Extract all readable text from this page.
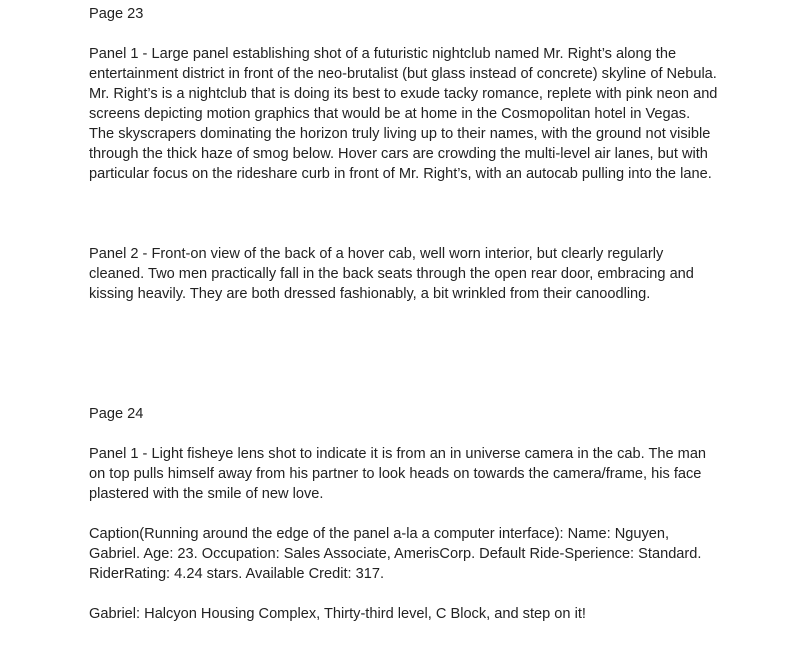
Page 23

Panel 1 - Large panel establishing shot of a futuristic nightclub named Mr. Right’s along the entertainment district in front of the neo-brutalist (but glass instead of concrete) skyline of Nebula. Mr. Right’s is a nightclub that is doing its best to exude tacky romance, replete with pink neon and screens depicting motion graphics that would be at home in the Cosmopolitan hotel in Vegas. The skyscrapers dominating the horizon truly living up to their names, with the ground not visible through the thick haze of smog below. Hover cars are crowding the multi-level air lanes, but with particular focus on the rideshare curb in front of Mr. Right’s, with an autocab pulling into the lane.

Panel 2 - Front-on view of the back of a hover cab, well worn interior, but clearly regularly cleaned. Two men practically fall in the back seats through the open rear door, embracing and kissing heavily. They are both dressed fashionably, a bit wrinkled from their canoodling.

Page 24

Panel 1 - Light fisheye lens shot to indicate it is from an in universe camera in the cab. The man on top pulls himself away from his partner to look heads on towards the camera/frame, his face plastered with the smile of new love.

Caption(Running around the edge of the panel a-la a computer interface): Name: Nguyen, Gabriel. Age: 23. Occupation: Sales Associate, AmerisCorp. Default Ride-Sperience: Standard. RiderRating: 4.24 stars. Available Credit: 317.

Gabriel: Halcyon Housing Complex, Thirty-third level, C Block, and step on it!
